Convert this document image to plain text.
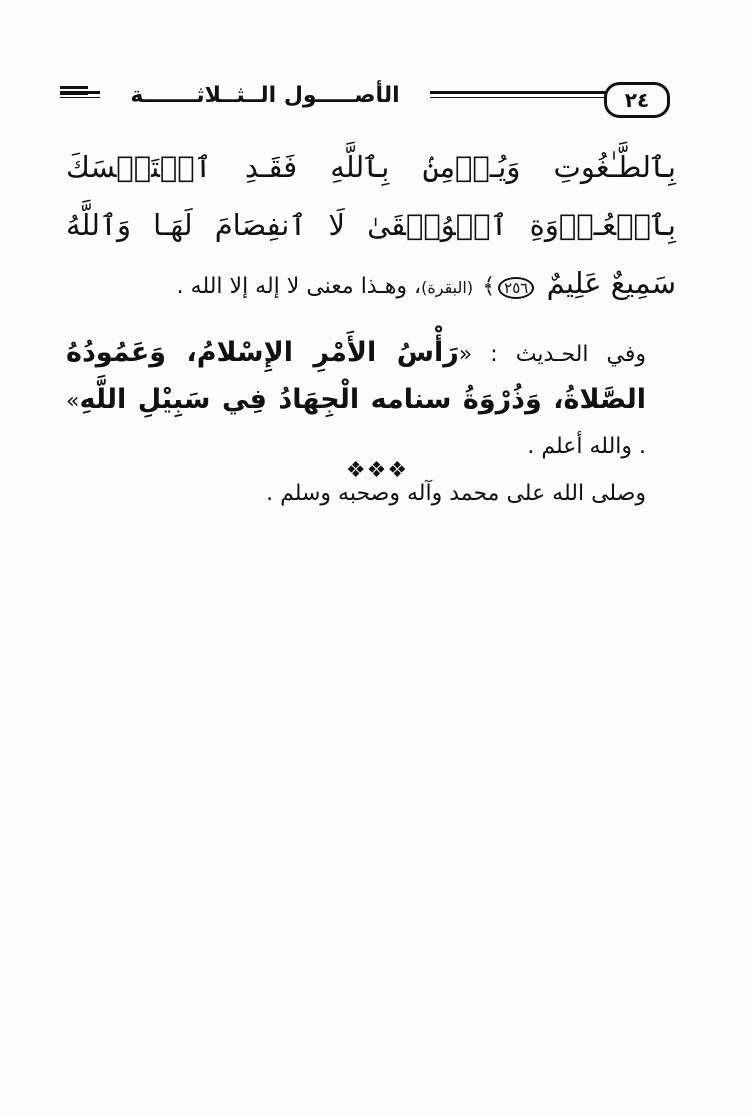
الأصـــــول الــثــلاثـــــــة	٢٤

بِٱلطَّـٰغُوتِ وَيُـؤۡمِنۢ بِٱللَّهِ فَقَـدِ ٱسۡتَمۡسَكَ بِٱلۡعُـرۡوَةِ ٱلۡوُثۡقَىٰ لَا ٱنفِصَامَ لَهَـا وَٱللَّهُ سَمِيعٌ عَلِيمٌ ٢٥٦﴾ (البقرة)، وهـذا معنى لا إله إلا الله .

وفي الحـديث : «رَأْسُ الأَمْرِ الإِسْلامُ، وَعَمُودُهُ الصَّلاةُ، وَذُرْوَةُ سنامه الْجِهَادُ فِي سَبِيْلِ اللَّهِ» . والله أعلم .

وصلى الله على محمد وآله وصحبه وسلم .

❖❖❖
